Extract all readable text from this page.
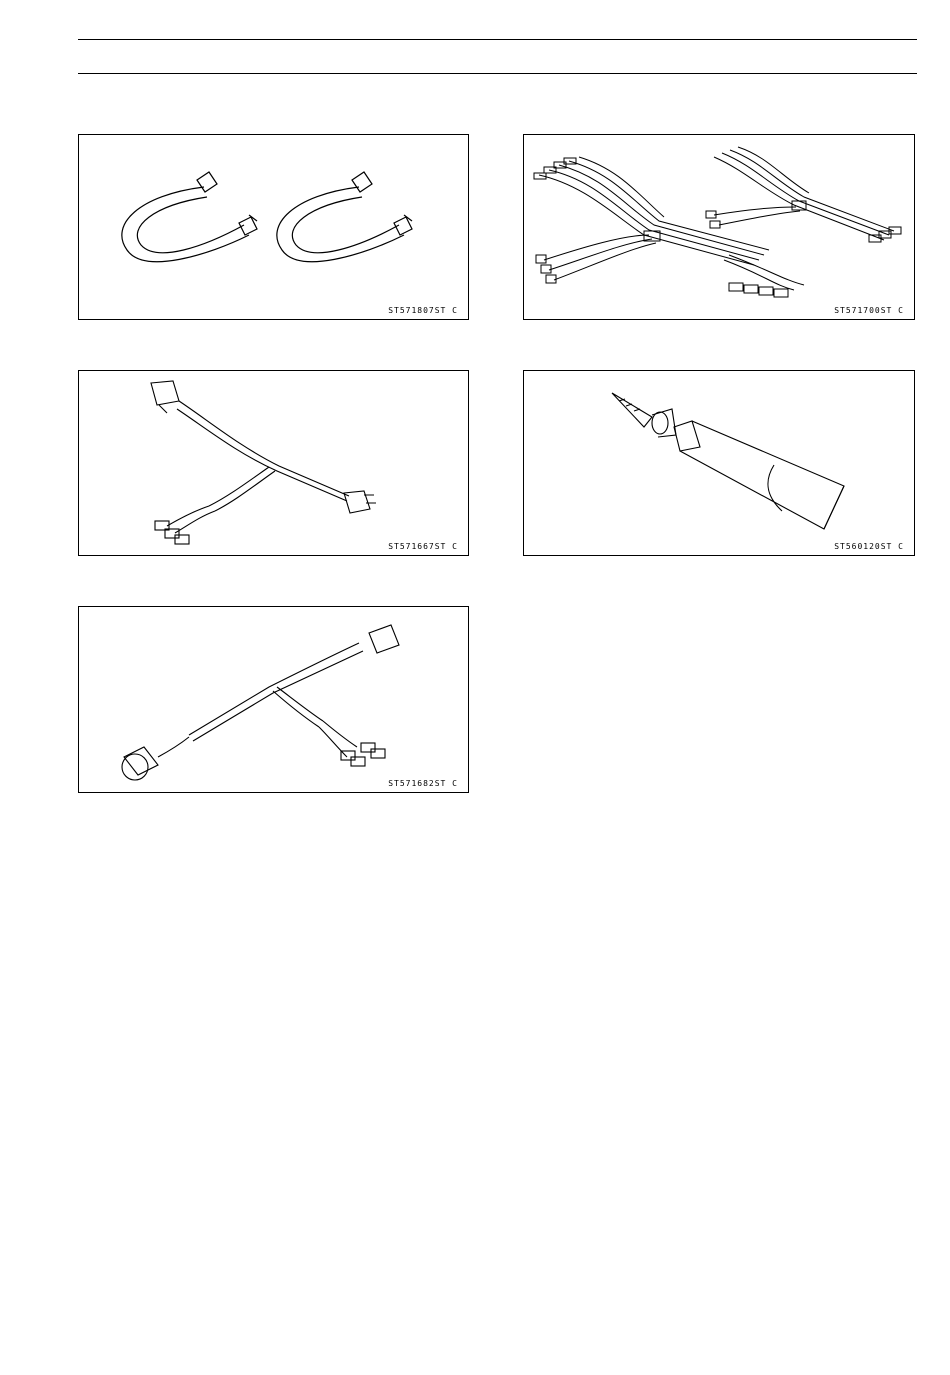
ST571807ST C	ST571700ST C
ST571667ST C	ST560120ST C
ST571682ST C
